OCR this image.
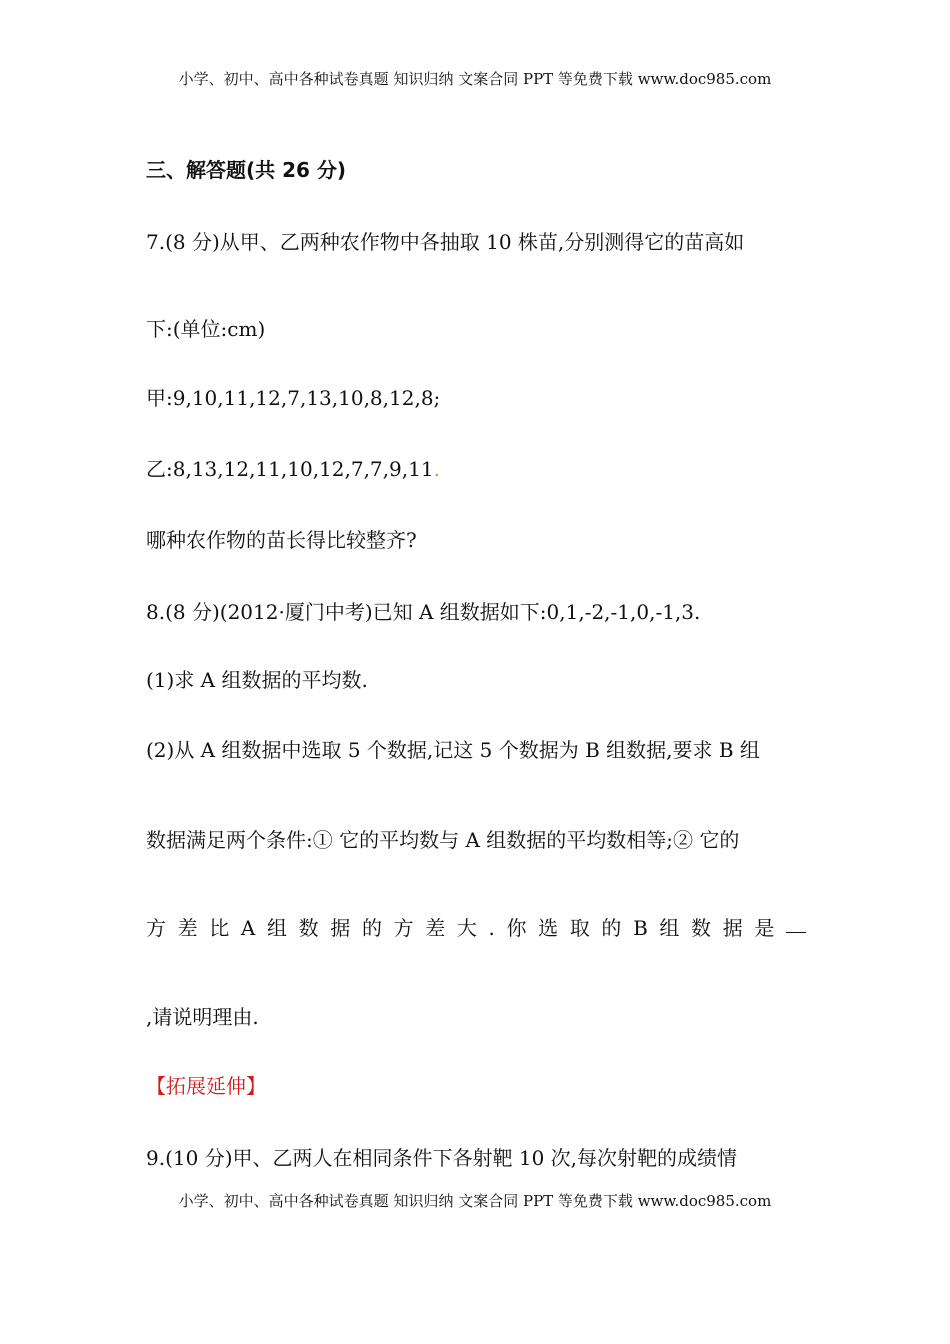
小学、初中、高中各种试卷真题 知识归纳 文案合同 PPT 等免费下载 www.doc985.com
三、解答题(共 26 分)
7.(8 分)从甲、乙两种农作物中各抽取 10 株苗,分别测得它的苗高如
下:(单位:cm)
甲:9,10,11,12,7,13,10,8,12,8;
乙:8,13,12,11,10,12,7,7,9,11.
哪种农作物的苗长得比较整齐?
8.(8 分)(2012·厦门中考)已知 A 组数据如下:0,1,-2,-1,0,-1,3.
(1)求 A 组数据的平均数.
(2)从 A 组数据中选取 5 个数据,记这 5 个数据为 B 组数据,要求 B 组
数据满足两个条件:① 它的平均数与 A 组数据的平均数相等;② 它的
方 差 比 A 组 数 据 的 方 差 大 . 你 选 取 的 B 组 数 据 是
,请说明理由.
【拓展延伸】
9.(10 分)甲、乙两人在相同条件下各射靶 10 次,每次射靶的成绩情
小学、初中、高中各种试卷真题 知识归纳 文案合同 PPT 等免费下载 www.doc985.com
